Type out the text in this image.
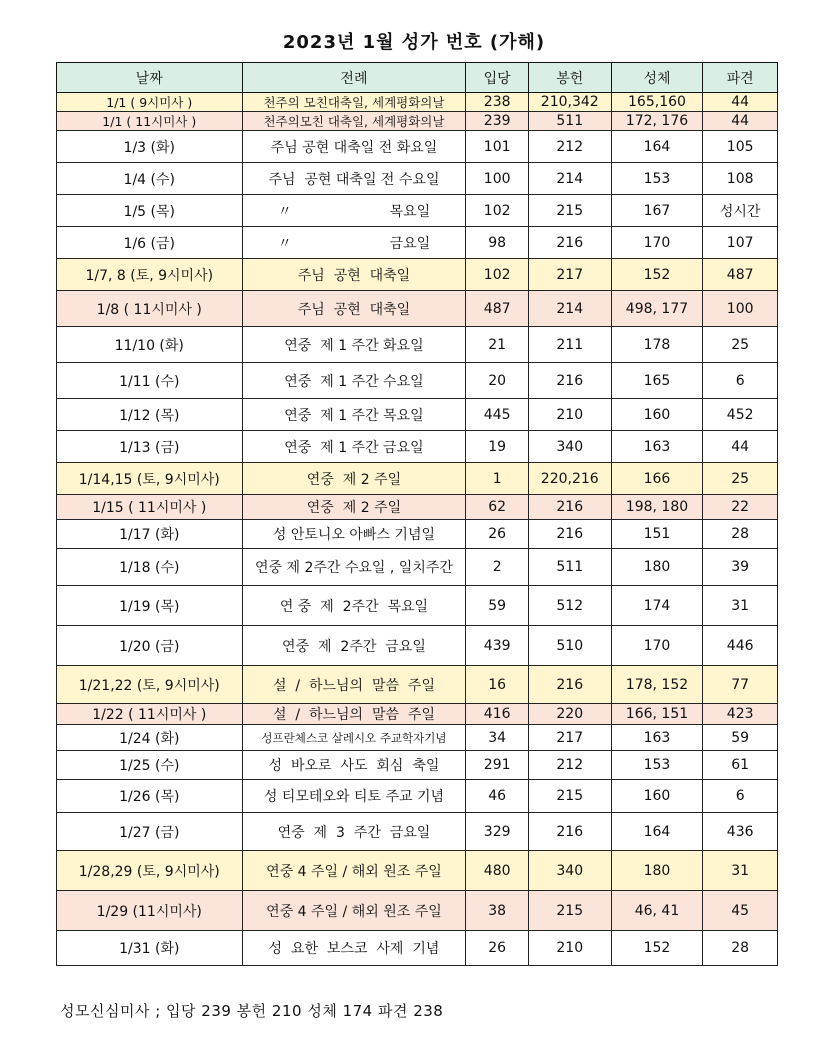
2023년 1월 성가 번호 (가해)
날짜	전례	입당	봉헌	성체	파견
1/1 ( 9시미사 )	천주의 모친대축일, 세계평화의날	238	210,342	165,160	44
1/1 ( 11시미사 )	천주의모친 대축일, 세계평화의날	239	511	172, 176	44
1/3 (화)	주님 공현 대축일 전 화요일	101	212	164	105
1/4 (수)	주님  공현 대축일 전 수요일	100	214	153	108
1/5 (목)	〃                      목요일	102	215	167	성시간
1/6 (금)	〃                      금요일	98	216	170	107
1/7, 8 (토, 9시미사)	주님  공현  대축일	102	217	152	487
1/8 ( 11시미사 )	주님  공현  대축일	487	214	498, 177	100
11/10 (화)	연중  제 1 주간 화요일	21	211	178	25
1/11 (수)	연중  제 1 주간 수요일	20	216	165	6
1/12 (목)	연중  제 1 주간 목요일	445	210	160	452
1/13 (금)	연중  제 1 주간 금요일	19	340	163	44
1/14,15 (토, 9시미사)	연중  제 2 주일	1	220,216	166	25
1/15 ( 11시미사 )	연중  제 2 주일	62	216	198, 180	22
1/17 (화)	성 안토니오 아빠스 기념일	26	216	151	28
1/18 (수)	연중 제 2주간 수요일 , 일치주간	2	511	180	39
1/19 (목)	연 중  제  2주간  목요일	59	512	174	31
1/20 (금)	연중  제  2주간  금요일	439	510	170	446
1/21,22 (토, 9시미사)	설  /  하느님의  말씀  주일	16	216	178, 152	77
1/22 ( 11시미사 )	설  /  하느님의  말씀  주일	416	220	166, 151	423
1/24 (화)	성프란체스코 살레시오 주교학자기념	34	217	163	59
1/25 (수)	성  바오로  사도  회심  축일	291	212	153	61
1/26 (목)	성 티모테오와 티토 주교 기념	46	215	160	6
1/27 (금)	연중  제  3  주간  금요일	329	216	164	436
1/28,29 (토, 9시미사)	연중 4 주일 / 해외 원조 주일	480	340	180	31
1/29 (11시미사)	연중 4 주일 / 해외 원조 주일	38	215	46, 41	45
1/31 (화)	성  요한  보스코  사제  기념	26	210	152	28
성모신심미사 ; 입당 239 봉헌 210 성체 174 파견 238
